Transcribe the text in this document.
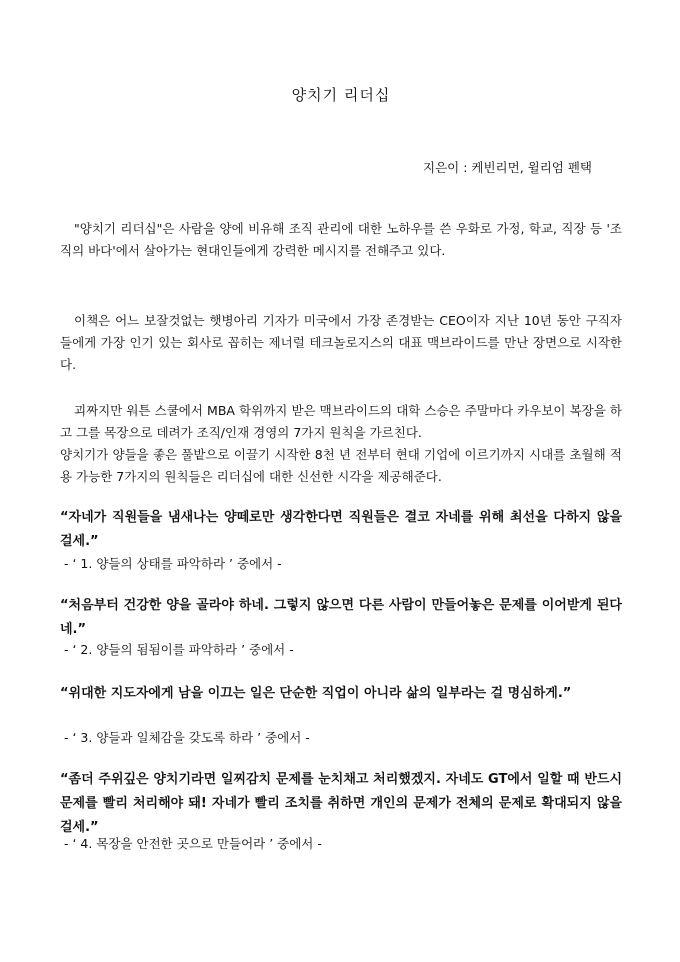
양치기 리더십
지은이 : 케빈리먼, 윌리엄 펜택

"양치기 리더십"은 사람을 양에 비유해 조직 관리에 대한 노하우를 쓴 우화로 가정, 학교, 직장 등 '조직의 바다'에서 살아가는 현대인들에게 강력한 메시지를 전해주고 있다.

이책은 어느 보잘것없는 햇병아리 기자가 미국에서 가장 존경받는 CEO이자 지난 10년 동안 구직자들에게 가장 인기 있는 회사로 꼽히는 제너럴 테크놀로지스의 대표 맥브라이드를 만난 장면으로 시작한다.

괴짜지만 워튼 스쿨에서 MBA 학위까지 받은 맥브라이드의 대학 스승은 주말마다 카우보이 복장을 하고 그를 목장으로 데려가 조직/인재 경영의 7가지 원칙을 가르친다.
양치기가 양들을 좋은 풀밭으로 이끌기 시작한 8천 년 전부터 현대 기업에 이르기까지 시대를 초월해 적용 가능한 7가지의 원칙들은 리더십에 대한 신선한 시각을 제공해준다.

“자네가 직원들을 냄새나는 양떼로만 생각한다면 직원들은 결코 자네를 위해 최선을 다하지 않을 걸세.”

- ‘ 1. 양들의 상태를 파악하라 ’ 중에서 -

“처음부터 건강한 양을 골라야 하네. 그렇지 않으면 다른 사람이 만들어놓은 문제를 이어받게 된다네.”

- ‘ 2. 양들의 됨됨이를 파악하라 ’ 중에서 -

“위대한 지도자에게 남을 이끄는 일은 단순한 직업이 아니라 삶의 일부라는 걸 명심하게.”

- ‘ 3. 양들과 일체감을 갖도록 하라 ’ 중에서 -

“좀더 주위깊은 양치기라면 일찌감치 문제를 눈치채고 처리했겠지. 자네도 GT에서 일할 때 반드시 문제를 빨리 처리해야 돼! 자네가 빨리 조치를 취하면 개인의 문제가 전체의 문제로 확대되지 않을 걸세.”

- ‘ 4. 목장을 안전한 곳으로 만들어라 ’ 중에서 -
